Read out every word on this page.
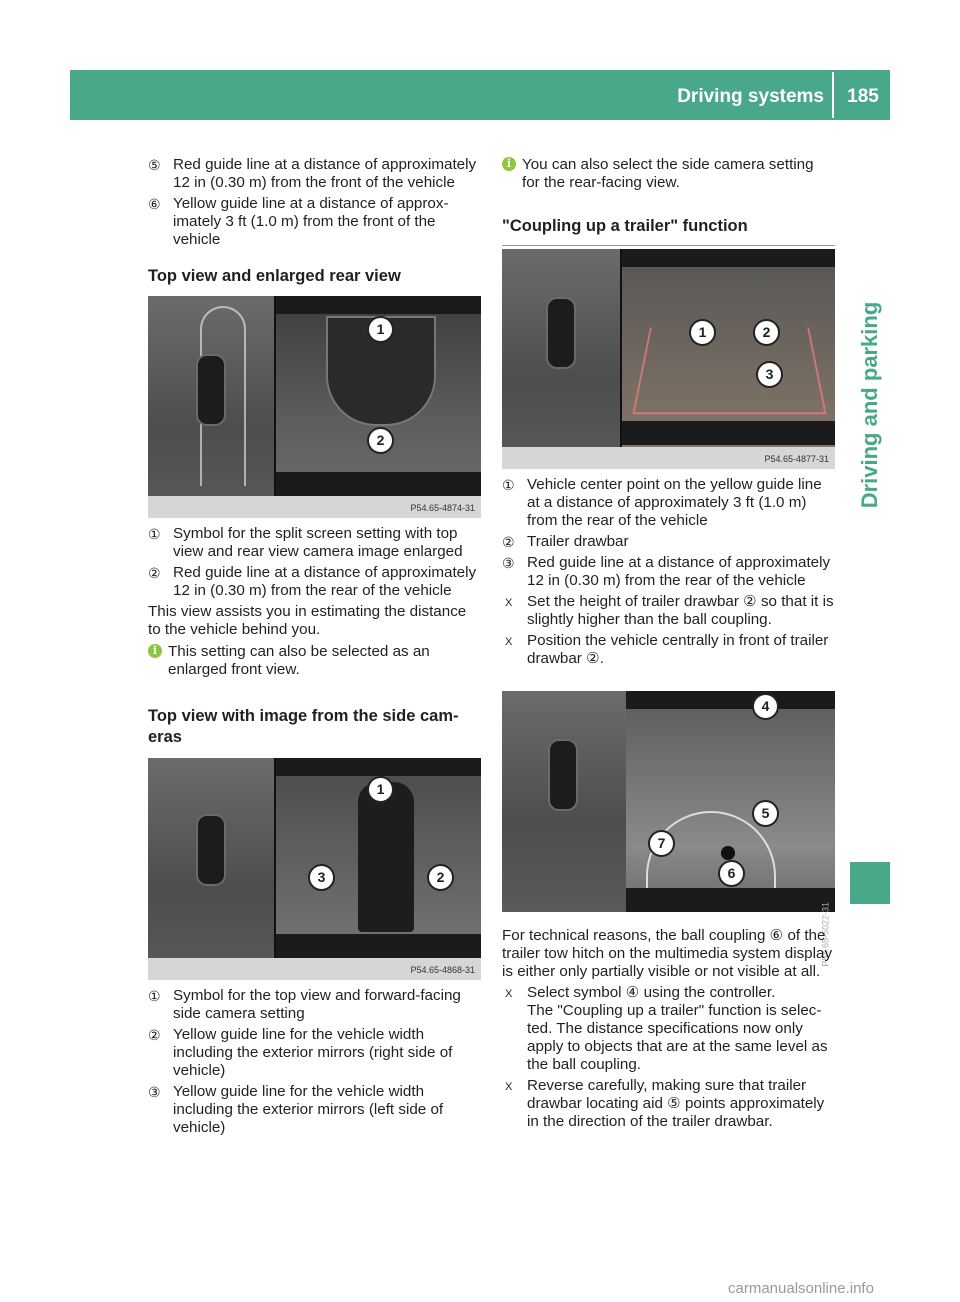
Driving systems	185
Driving and parking
⑤ Red guide line at a distance of approximately 12 in (0.30 m) from the front of the vehicle
⑥ Yellow guide line at a distance of approximately 3 ft (1.0 m) from the front of the vehicle
Top view and enlarged rear view
1
2
P54.65-4874-31
① Symbol for the split screen setting with top view and rear view camera image enlarged
② Red guide line at a distance of approximately 12 in (0.30 m) from the rear of the vehicle
This view assists you in estimating the distance to the vehicle behind you.
i This setting can also be selected as an enlarged front view.
Top view with image from the side cameras
1
3	2
P54.65-4868-31
① Symbol for the top view and forward-facing side camera setting
② Yellow guide line for the vehicle width including the exterior mirrors (right side of vehicle)
③ Yellow guide line for the vehicle width including the exterior mirrors (left side of vehicle)
i You can also select the side camera setting for the rear-facing view.
"Coupling up a trailer" function
1	2
3
P54.65-4877-31
① Vehicle center point on the yellow guide line at a distance of approximately 3 ft (1.0 m) from the rear of the vehicle
② Trailer drawbar
③ Red guide line at a distance of approximately 12 in (0.30 m) from the rear of the vehicle
X Set the height of trailer drawbar ② so that it is slightly higher than the ball coupling.
X Position the vehicle centrally in front of trailer drawbar ②.
4
5
7
6
P54.65-5022-31
For technical reasons, the ball coupling ⑥ of the trailer tow hitch on the multimedia system display is either only partially visible or not visible at all.
X Select symbol ④ using the controller.
The "Coupling up a trailer" function is selected. The distance specifications now only apply to objects that are at the same level as the ball coupling.
X Reverse carefully, making sure that trailer drawbar locating aid ⑤ points approximately in the direction of the trailer drawbar.
carmanualsonline.info
